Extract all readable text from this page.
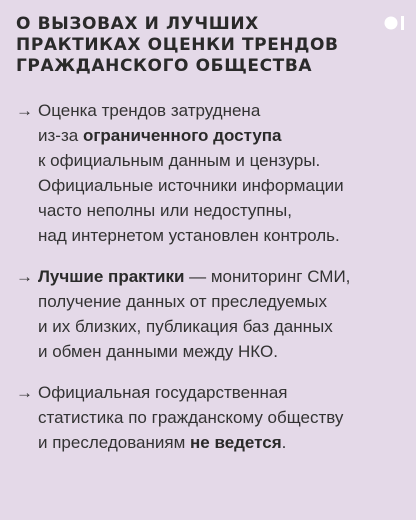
О ВЫЗОВАХ И ЛУЧШИХ
ПРАКТИКАХ ОЦЕНКИ ТРЕНДОВ
ГРАЖДАНСКОГО ОБЩЕСТВА
→ Оценка трендов затруднена
из-за ограниченного доступа
к официальным данным и цензуры.
Официальные источники информации
часто неполны или недоступны,
над интернетом установлен контроль.
→ Лучшие практики — мониторинг СМИ,
получение данных от преследуемых
и их близких, публикация баз данных
и обмен данными между НКО.
→ Официальная государственная
статистика по гражданскому обществу
и преследованиям не ведется.
